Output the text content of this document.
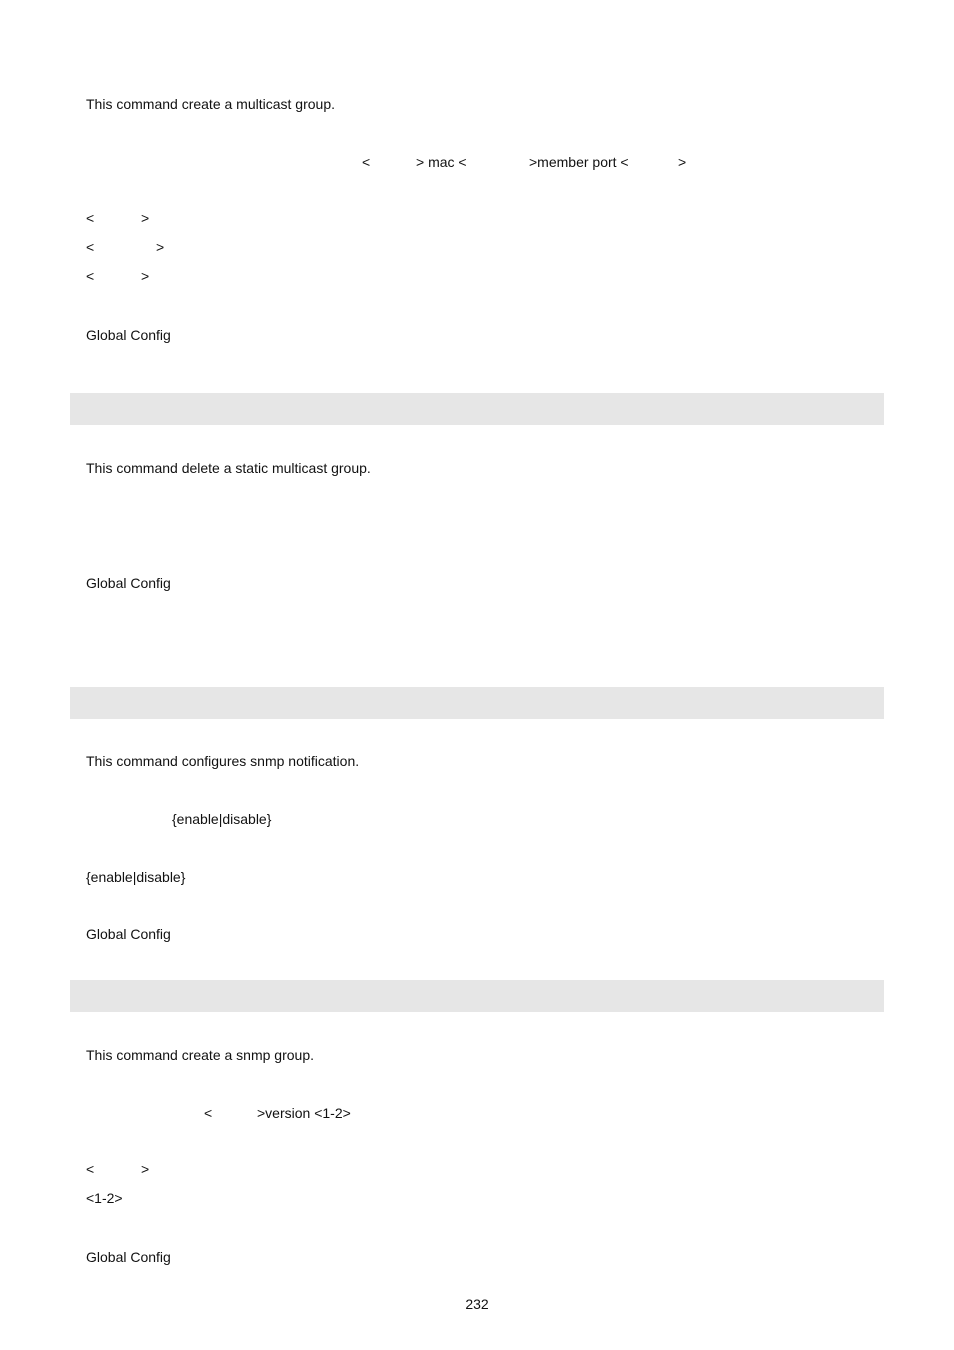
This command create a multicast group.
<	> mac <	>member port <	>
<	>
<	>
<	>
Global Config
This command delete a static multicast group.
Global Config
This command configures snmp notification.
{enable|disable}
{enable|disable}
Global Config
This command create a snmp group.
<	>version <1-2>
<	>
<1-2>
Global Config
232
